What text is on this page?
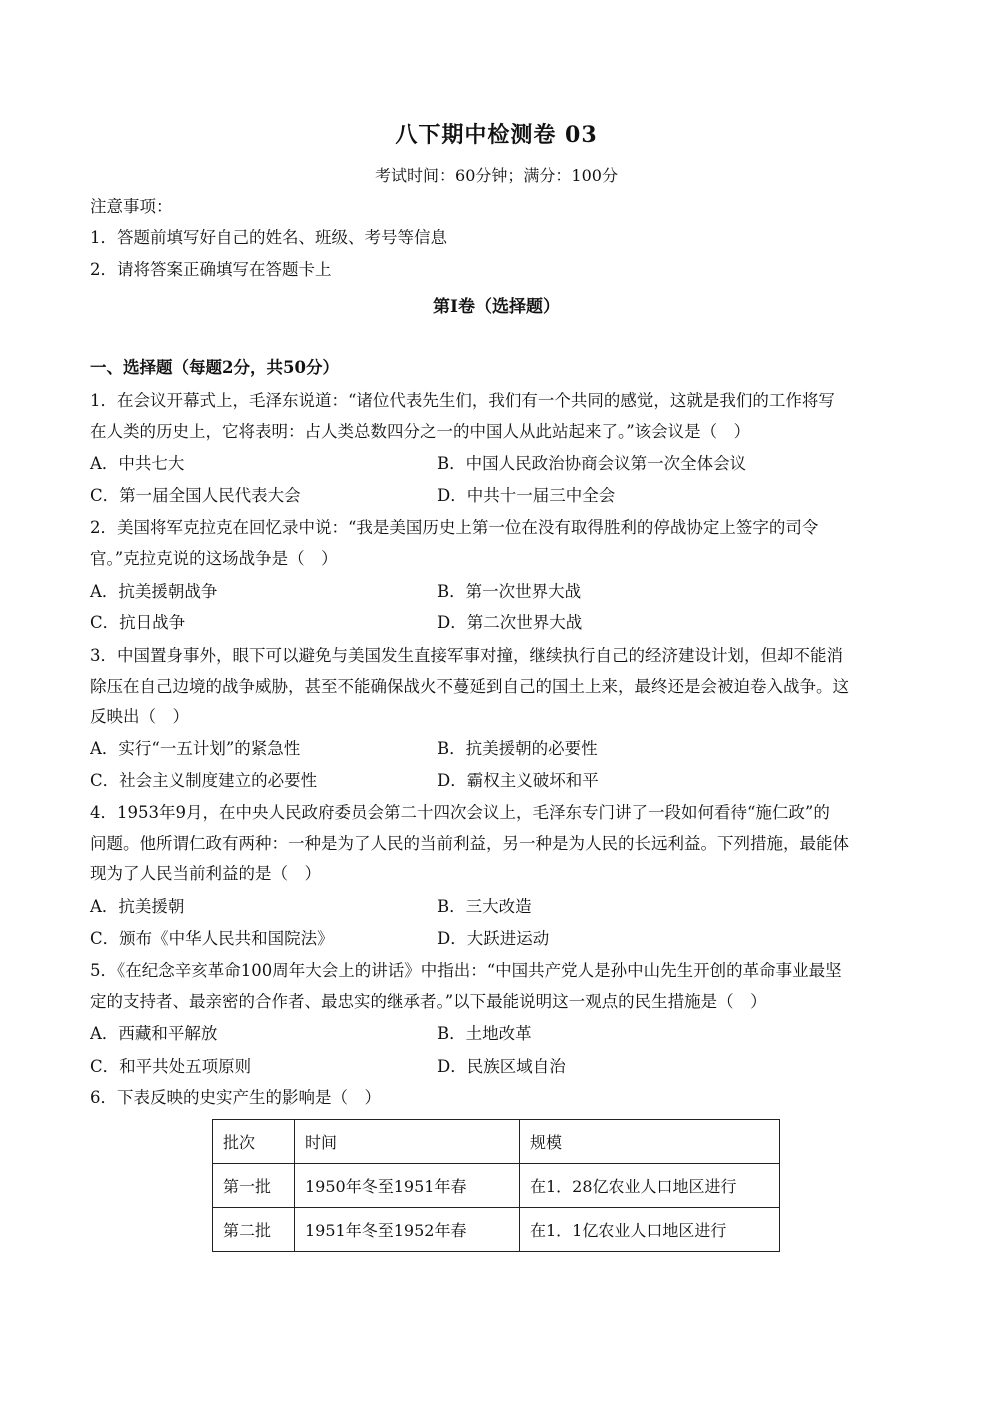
八下期中检测卷 03
考试时间：60分钟；满分：100分
注意事项：
1．答题前填写好自己的姓名、班级、考号等信息
2．请将答案正确填写在答题卡上
第I卷（选择题）
一、选择题（每题2分，共50分）
1．在会议开幕式上，毛泽东说道：“诸位代表先生们，我们有一个共同的感觉，这就是我们的工作将写
在人类的历史上，它将表明：占人类总数四分之一的中国人从此站起来了。”该会议是（　）
A．中共七大	B．中国人民政治协商会议第一次全体会议
C．第一届全国人民代表大会	D．中共十一届三中全会
2．美国将军克拉克在回忆录中说：“我是美国历史上第一位在没有取得胜利的停战协定上签字的司令
官。”克拉克说的这场战争是（　）
A．抗美援朝战争	B．第一次世界大战
C．抗日战争	D．第二次世界大战
3．中国置身事外，眼下可以避免与美国发生直接军事对撞，继续执行自己的经济建设计划，但却不能消
除压在自己边境的战争威胁，甚至不能确保战火不蔓延到自己的国土上来，最终还是会被迫卷入战争。这
反映出（　）
A．实行“一五计划”的紧急性	B．抗美援朝的必要性
C．社会主义制度建立的必要性	D．霸权主义破坏和平
4．1953年9月，在中央人民政府委员会第二十四次会议上，毛泽东专门讲了一段如何看待“施仁政”的
问题。他所谓仁政有两种：一种是为了人民的当前利益，另一种是为人民的长远利益。下列措施，最能体
现为了人民当前利益的是（　）
A．抗美援朝	B．三大改造
C．颁布《中华人民共和国院法》	D．大跃进运动
5．《在纪念辛亥革命100周年大会上的讲话》中指出：“中国共产党人是孙中山先生开创的革命事业最坚
定的支持者、最亲密的合作者、最忠实的继承者。”以下最能说明这一观点的民生措施是（　）
A．西藏和平解放	B．土地改革
C．和平共处五项原则	D．民族区域自治
6．下表反映的史实产生的影响是（　）
批次	时间	规模
第一批	1950年冬至1951年春	在1．28亿农业人口地区进行
第二批	1951年冬至1952年春	在1．1亿农业人口地区进行
